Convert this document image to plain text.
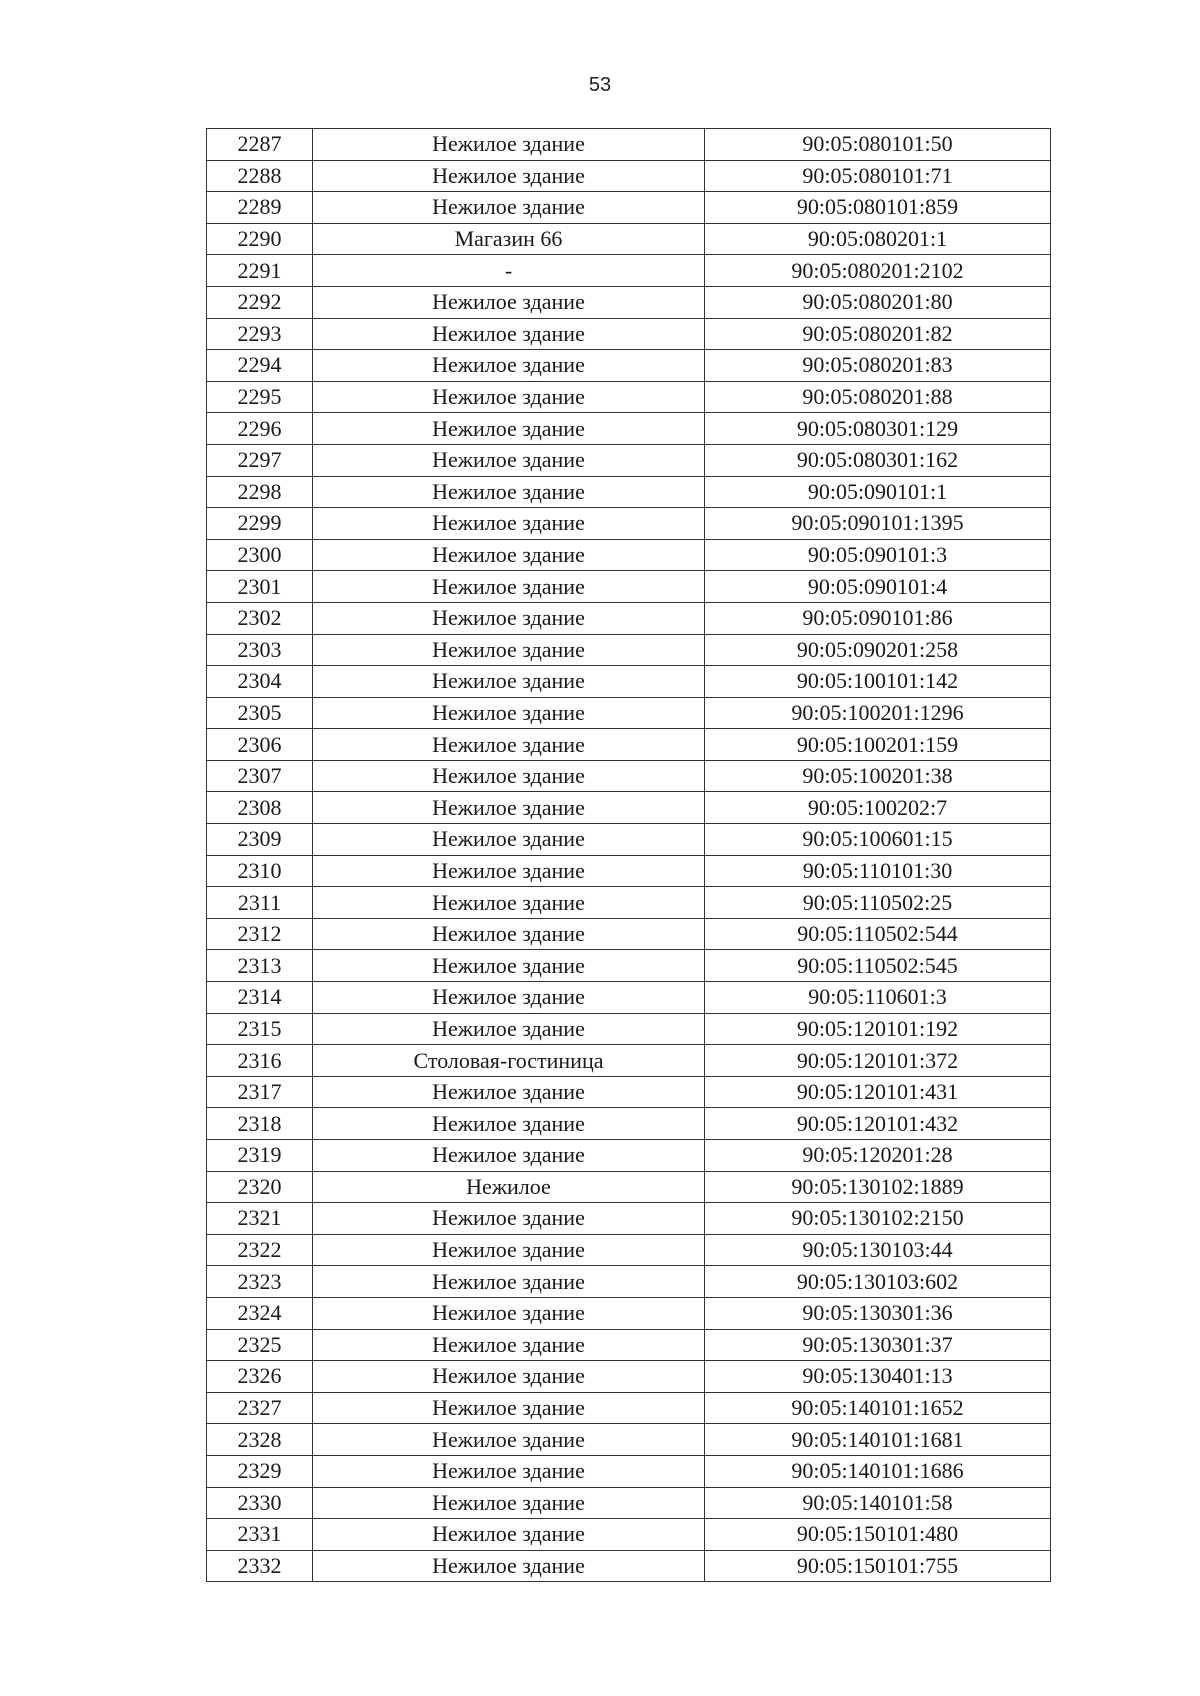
53
2287	Нежилое здание	90:05:080101:50
2288	Нежилое здание	90:05:080101:71
2289	Нежилое здание	90:05:080101:859
2290	Магазин 66	90:05:080201:1
2291	-	90:05:080201:2102
2292	Нежилое здание	90:05:080201:80
2293	Нежилое здание	90:05:080201:82
2294	Нежилое здание	90:05:080201:83
2295	Нежилое здание	90:05:080201:88
2296	Нежилое здание	90:05:080301:129
2297	Нежилое здание	90:05:080301:162
2298	Нежилое здание	90:05:090101:1
2299	Нежилое здание	90:05:090101:1395
2300	Нежилое здание	90:05:090101:3
2301	Нежилое здание	90:05:090101:4
2302	Нежилое здание	90:05:090101:86
2303	Нежилое здание	90:05:090201:258
2304	Нежилое здание	90:05:100101:142
2305	Нежилое здание	90:05:100201:1296
2306	Нежилое здание	90:05:100201:159
2307	Нежилое здание	90:05:100201:38
2308	Нежилое здание	90:05:100202:7
2309	Нежилое здание	90:05:100601:15
2310	Нежилое здание	90:05:110101:30
2311	Нежилое здание	90:05:110502:25
2312	Нежилое здание	90:05:110502:544
2313	Нежилое здание	90:05:110502:545
2314	Нежилое здание	90:05:110601:3
2315	Нежилое здание	90:05:120101:192
2316	Столовая-гостиница	90:05:120101:372
2317	Нежилое здание	90:05:120101:431
2318	Нежилое здание	90:05:120101:432
2319	Нежилое здание	90:05:120201:28
2320	Нежилое	90:05:130102:1889
2321	Нежилое здание	90:05:130102:2150
2322	Нежилое здание	90:05:130103:44
2323	Нежилое здание	90:05:130103:602
2324	Нежилое здание	90:05:130301:36
2325	Нежилое здание	90:05:130301:37
2326	Нежилое здание	90:05:130401:13
2327	Нежилое здание	90:05:140101:1652
2328	Нежилое здание	90:05:140101:1681
2329	Нежилое здание	90:05:140101:1686
2330	Нежилое здание	90:05:140101:58
2331	Нежилое здание	90:05:150101:480
2332	Нежилое здание	90:05:150101:755
